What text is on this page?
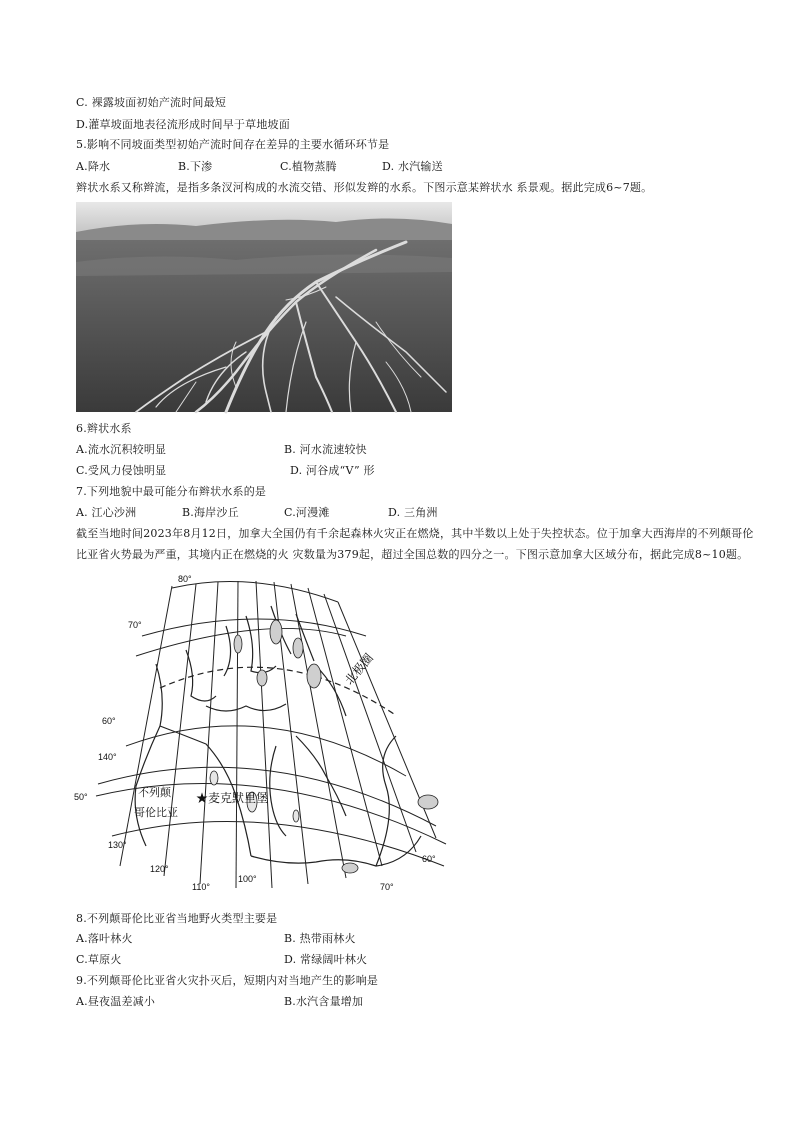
C. 裸露坡面初始产流时间最短
D.灌草坡面地表径流形成时间早于草地坡面
5.影响不同坡面类型初始产流时间存在差异的主要水循环环节是
A.降水	B.下渗	C.植物蒸腾	D. 水汽输送
辫状水系又称辫流，是指多条汊河构成的水流交错、形似发辫的水系。下图示意某辫状水 系景观。据此完成6~7题。
6.辫状水系
A.流水沉积较明显	B. 河水流速较快
C.受风力侵蚀明显	D. 河谷成“V” 形
7.下列地貌中最可能分布辫状水系的是
A. 江心沙洲	B.海岸沙丘	C.河漫滩	D. 三角洲
截至当地时间2023年8月12日，加拿大全国仍有千余起森林火灾正在燃烧，其中半数以上处于失控状态。位于加拿大西海岸的不列颠哥伦
比亚省火势最为严重，其境内正在燃烧的火 灾数量为379起，超过全国总数的四分之一。下图示意加拿大区域分布，据此完成8~10题。
80°
70°
60°
140°
50°
130°
120°
110°
100°
70°
60°
北极圈
不列颠
哥伦比亚
★麦克默里堡
8.不列颠哥伦比亚省当地野火类型主要是
A.落叶林火	B. 热带雨林火
C.草原火	D. 常绿阔叶林火
9.不列颠哥伦比亚省火灾扑灭后，短期内对当地产生的影响是
A.昼夜温差减小	B.水汽含量增加
